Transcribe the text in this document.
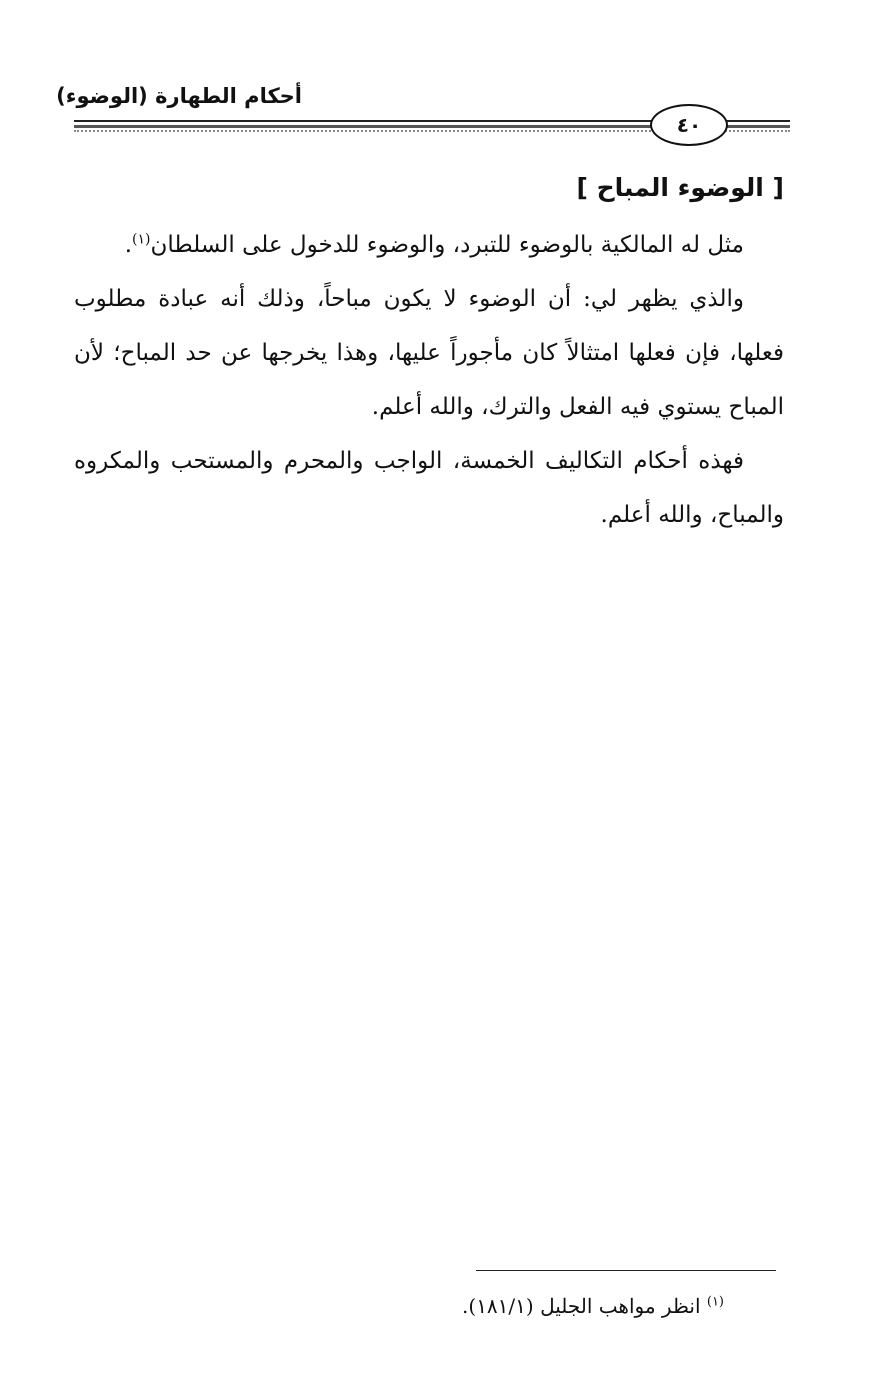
أحكام الطهارة (الوضوء)
٤٠
[ الوضوء المباح ]

مثل له المالكية بالوضوء للتبرد، والوضوء للدخول على السلطان$^{(١)}$.

والذي يظهر لي: أن الوضوء لا يكون مباحاً، وذلك أنه عبادة مطلوب فعلها، فإن فعلها امتثالاً كان مأجوراً عليها، وهذا يخرجها عن حد المباح؛ لأن المباح يستوي فيه الفعل والترك، والله أعلم.

فهذه أحكام التكاليف الخمسة، الواجب والمحرم والمستحب والمكروه والمباح، والله أعلم.

$^{(١)}$ انظر مواهب الجليل (١٨١/١).
